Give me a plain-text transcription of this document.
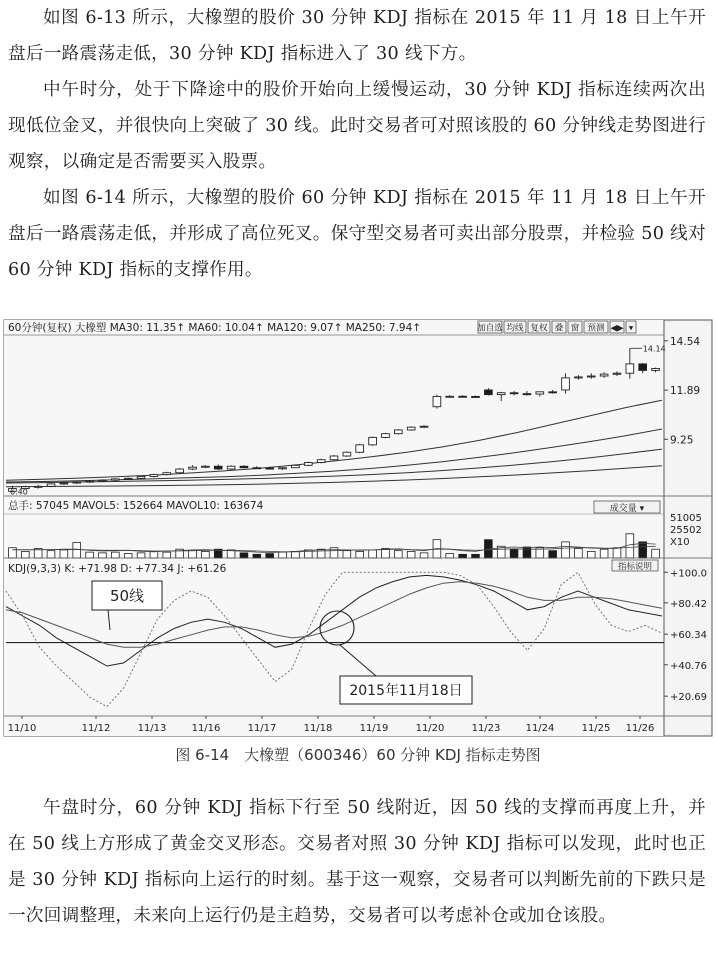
如图 6-13 所示，大橡塑的股价 30 分钟 KDJ 指标在 2015 年 11 月 18 日上午开盘后一路震荡走低，30 分钟 KDJ 指标进入了 30 线下方。

中午时分，处于下降途中的股价开始向上缓慢运动，30 分钟 KDJ 指标连续两次出现低位金叉，并很快向上突破了 30 线。此时交易者可对照该股的 60 分钟线走势图进行观察，以确定是否需要买入股票。

如图 6-14 所示，大橡塑的股价 60 分钟 KDJ 指标在 2015 年 11 月 18 日上午开盘后一路震荡走低，并形成了高位死叉。保守型交易者可卖出部分股票，并检验 50 线对 60 分钟 KDJ 指标的支撑作用。

60分钟(复权) 大橡塑 MA30: 11.35↑ MA60: 10.04↑ MA120: 9.07↑ MA250: 7.94↑	加自选 均线 复权 叠 窗 预测 ◀▶ ▾
14.54
11.89
9.25
6.40
14.14
总手: 57045 MAVOL5: 152664 MAVOL10: 163674	成交量 ▾
51005
25502
X10
指标说明
KDJ(9,3,3) K: +71.98 D: +77.34 J: +61.26	+100.0
+80.42
+60.34
+40.76
+20.69
50线
2015年11月18日
11/10	11/12	11/13	11/16	11/17	11/18	11/19	11/20	11/23	11/24	11/25 11/26
图 6-14　大橡塑（600346）60 分钟 KDJ 指标走势图

午盘时分，60 分钟 KDJ 指标下行至 50 线附近，因 50 线的支撑而再度上升，并在 50 线上方形成了黄金交叉形态。交易者对照 30 分钟 KDJ 指标可以发现，此时也正是 30 分钟 KDJ 指标向上运行的时刻。基于这一观察，交易者可以判断先前的下跌只是一次回调整理，未来向上运行仍是主趋势，交易者可以考虑补仓或加仓该股。
